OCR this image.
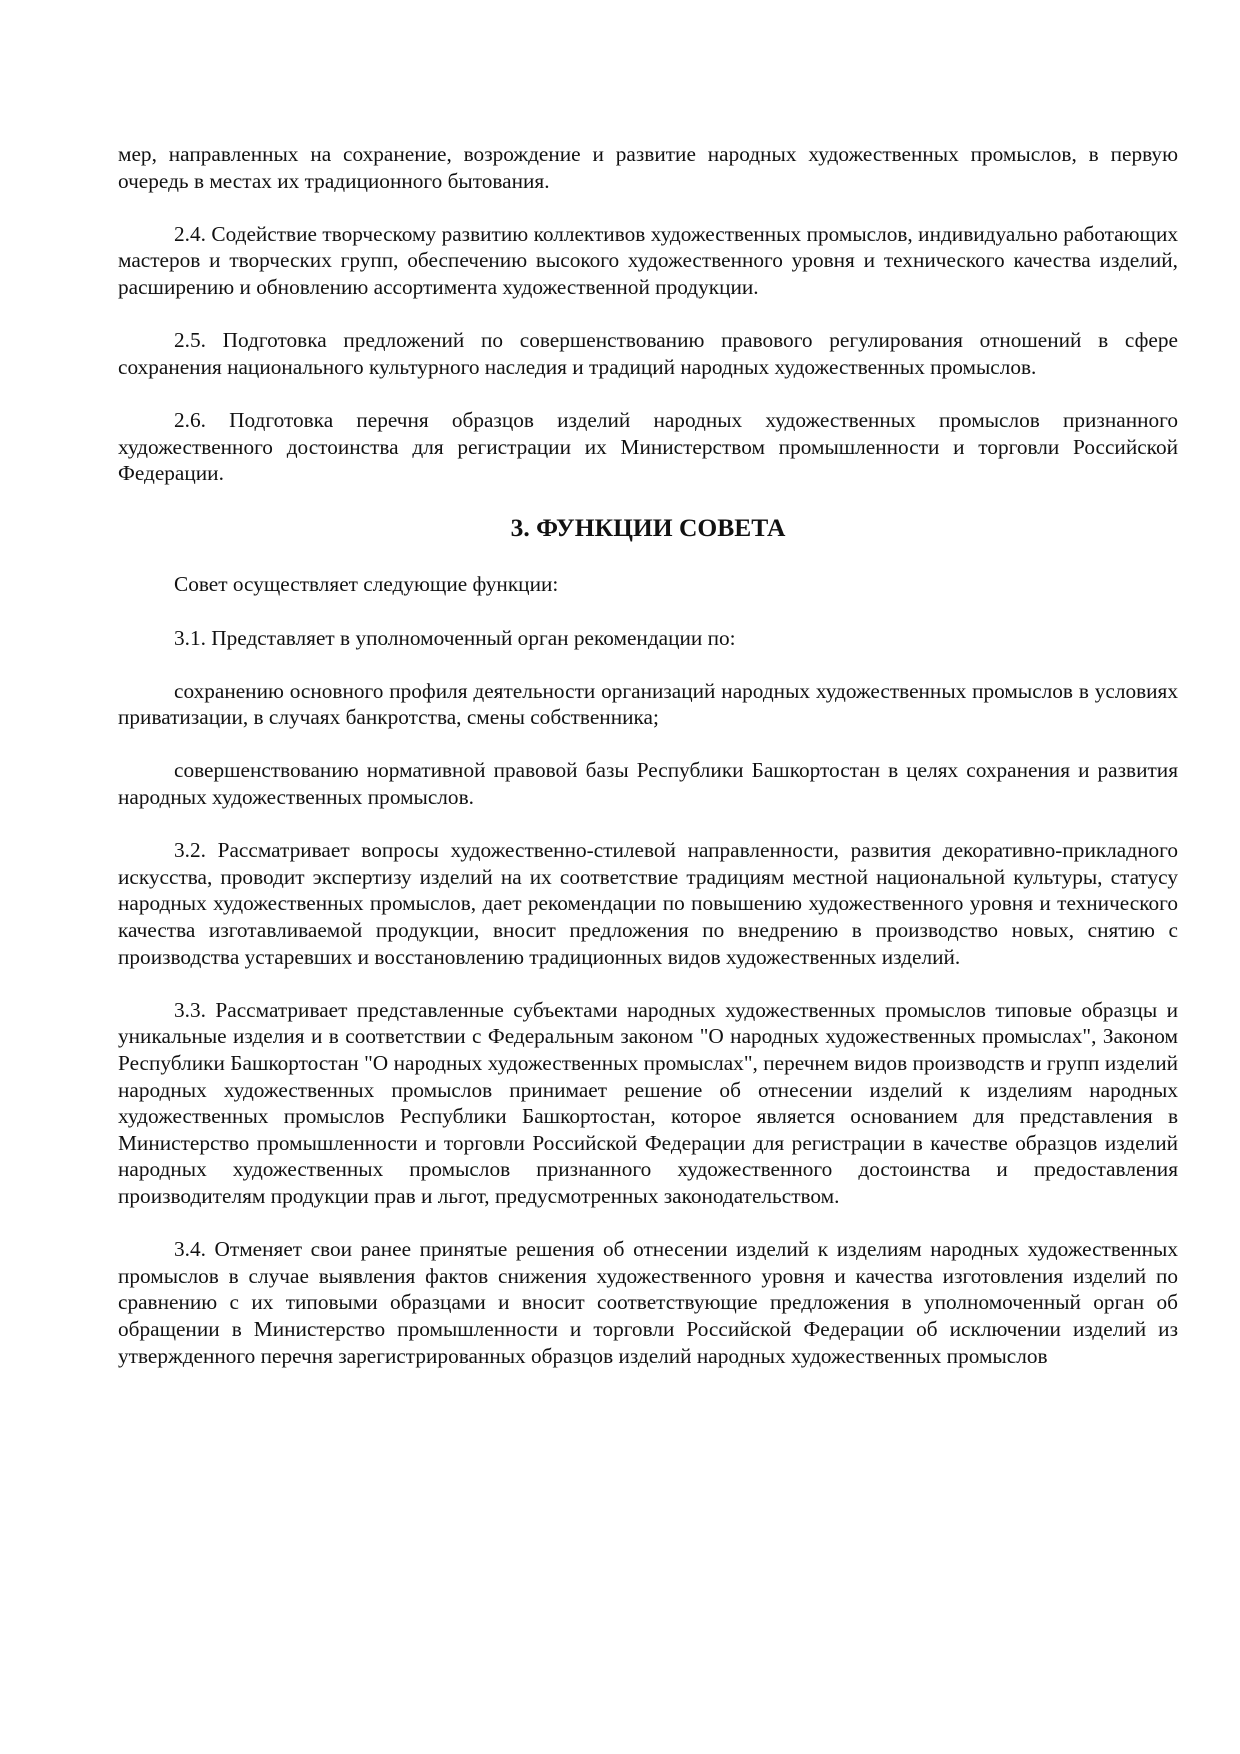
мер, направленных на сохранение, возрождение и развитие народных художественных промыслов, в первую очередь в местах их традиционного бытования.

2.4. Содействие творческому развитию коллективов художественных промыслов, индивидуально работающих мастеров и творческих групп, обеспечению высокого художественного уровня и технического качества изделий, расширению и обновлению ассортимента художественной продукции.

2.5. Подготовка предложений по совершенствованию правового регулирования отношений в сфере сохранения национального культурного наследия и традиций народных художественных промыслов.

2.6. Подготовка перечня образцов изделий народных художественных промыслов признанного художественного достоинства для регистрации их Министерством промышленности и торговли Российской Федерации.

3. ФУНКЦИИ СОВЕТА

Совет осуществляет следующие функции:

3.1. Представляет в уполномоченный орган рекомендации по:

сохранению основного профиля деятельности организаций народных художественных промыслов в условиях приватизации, в случаях банкротства, смены собственника;

совершенствованию нормативной правовой базы Республики Башкортостан в целях сохранения и развития народных художественных промыслов.

3.2. Рассматривает вопросы художественно-стилевой направленности, развития декоративно-прикладного искусства, проводит экспертизу изделий на их соответствие традициям местной национальной культуры, статусу народных художественных промыслов, дает рекомендации по повышению художественного уровня и технического качества изготавливаемой продукции, вносит предложения по внедрению в производство новых, снятию с производства устаревших и восстановлению традиционных видов художественных изделий.

3.3. Рассматривает представленные субъектами народных художественных промыслов типовые образцы и уникальные изделия и в соответствии с Федеральным законом "О народных художественных промыслах", Законом Республики Башкортостан "О народных художественных промыслах", перечнем видов производств и групп изделий народных художественных промыслов принимает решение об отнесении изделий к изделиям народных художественных промыслов Республики Башкортостан, которое является основанием для представления в Министерство промышленности и торговли Российской Федерации для регистрации в качестве образцов изделий народных художественных промыслов признанного художественного достоинства и предоставления производителям продукции прав и льгот, предусмотренных законодательством.

3.4. Отменяет свои ранее принятые решения об отнесении изделий к изделиям народных художественных промыслов в случае выявления фактов снижения художественного уровня и качества изготовления изделий по сравнению с их типовыми образцами и вносит соответствующие предложения в уполномоченный орган об обращении в Министерство промышленности и торговли Российской Федерации об исключении изделий из утвержденного перечня зарегистрированных образцов изделий народных художественных промыслов
